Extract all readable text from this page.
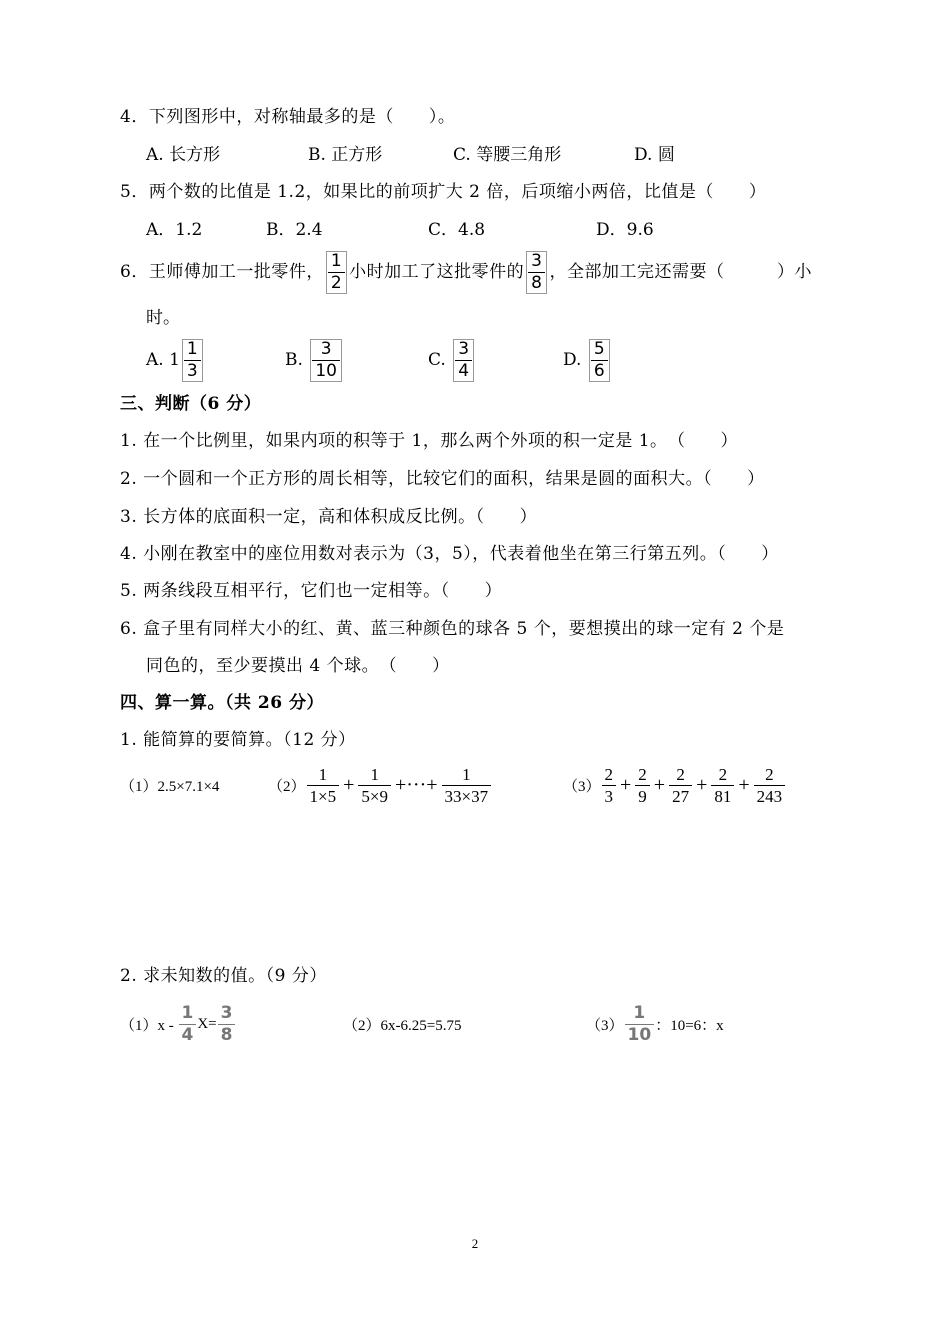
4．下列图形中，对称轴最多的是（　　）。
A. 长方形	B. 正方形	C. 等腰三角形	D. 圆
5．两个数的比值是 1.2，如果比的前项扩大 2 倍，后项缩小两倍，比值是（　　）
A．1.2	B．2.4	C．4.8	D．9.6
6．王师傅加工一批零件， $\frac{1}{2}$ 小时加工了这批零件的 $\frac{3}{8}$ ，全部加工完还需要（　　　）小
时。
A. $1 \frac{1}{3}$	B.
$\frac{3}{10}$	C.
$\frac{3}{4}$	D.
$\frac{5}{6}$
三、判断（6 分）
1. 在一个比例里，如果内项的积等于 1，那么两个外项的积一定是 1。　（　　）
2. 一个圆和一个正方形的周长相等，比较它们的面积，结果是圆的面积大。（　　）
3. 长方体的底面积一定，高和体积成反比例。（　　）
4. 小刚在教室中的座位用数对表示为（3，5），代表着他坐在第三行第五列。（　　）
5. 两条线段互相平行，它们也一定相等。（　　）
6. 盒子里有同样大小的红、黄、蓝三种颜色的球各 5 个，要想摸出的球一定有 2 个是
同色的，至少要摸出 4 个球。　（　　）
四、算一算。（共 26 分）
1. 能简算的要简算。（12 分）
（1）2.5×7.1×4	$(2) \frac{1}{1\times 5} + \frac{1}{5\times 9}$ +···+ $\frac{1}{33\times 37}$	$(3) \frac{2}{3} + \frac{2}{9} + \frac{2}{27} + \frac{2}{81} + \frac{2}{243}$
2. 求未知数的值。（9 分）
（1）x -
$\frac{1}{4} X= \frac{3}{8}$	（2）6x-6.25=5.75	$(3) \frac{1}{10}$ ：10=6：x
2
